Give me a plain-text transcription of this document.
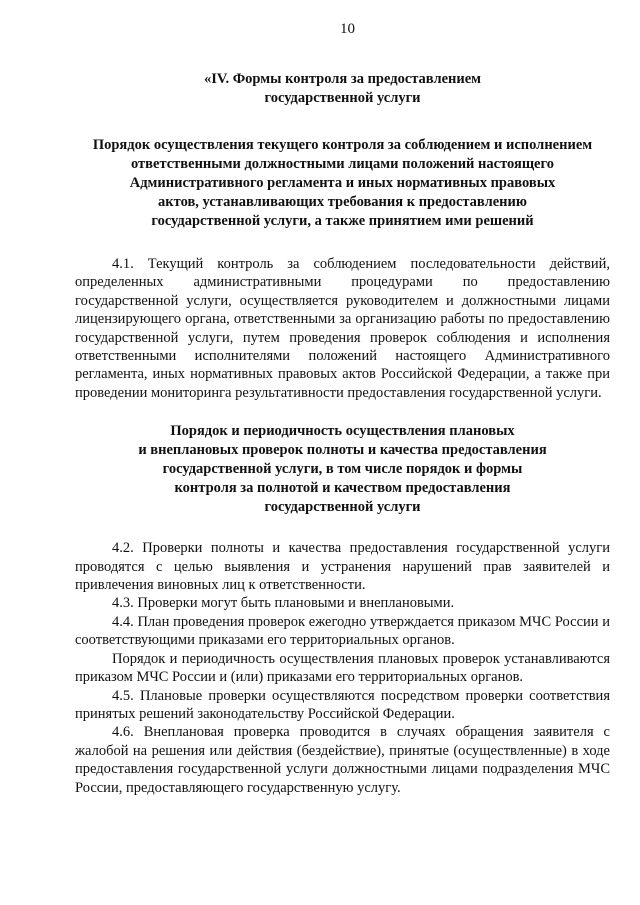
10
«IV. Формы контроля за предоставлением
государственной услуги
Порядок осуществления текущего контроля за соблюдением и исполнением
ответственными должностными лицами положений настоящего
Административного регламента и иных нормативных правовых
актов, устанавливающих требования к предоставлению
государственной услуги, а также принятием ими решений

4.1. Текущий контроль за соблюдением последовательности действий, определенных административными процедурами по предоставлению государственной услуги, осуществляется руководителем и должностными лицами лицензирующего органа, ответственными за организацию работы по предоставлению государственной услуги, путем проведения проверок соблюдения и исполнения ответственными исполнителями положений настоящего Административного регламента, иных нормативных правовых актов Российской Федерации, а также при проведении мониторинга результативности предоставления государственной услуги.

Порядок и периодичность осуществления плановых
и внеплановых проверок полноты и качества предоставления
государственной услуги, в том числе порядок и формы
контроля за полнотой и качеством предоставления
государственной услуги

4.2. Проверки полноты и качества предоставления государственной услуги проводятся с целью выявления и устранения нарушений прав заявителей и привлечения виновных лиц к ответственности.

4.3. Проверки могут быть плановыми и внеплановыми.

4.4. План проведения проверок ежегодно утверждается приказом МЧС России и соответствующими приказами его территориальных органов.

Порядок и периодичность осуществления плановых проверок устанавливаются приказом МЧС России и (или) приказами его территориальных органов.

4.5. Плановые проверки осуществляются посредством проверки соответствия принятых решений законодательству Российской Федерации.

4.6. Внеплановая проверка проводится в случаях обращения заявителя с жалобой на решения или действия (бездействие), принятые (осуществленные) в ходе предоставления государственной услуги должностными лицами подразделения МЧС России, предоставляющего государственную услугу.
